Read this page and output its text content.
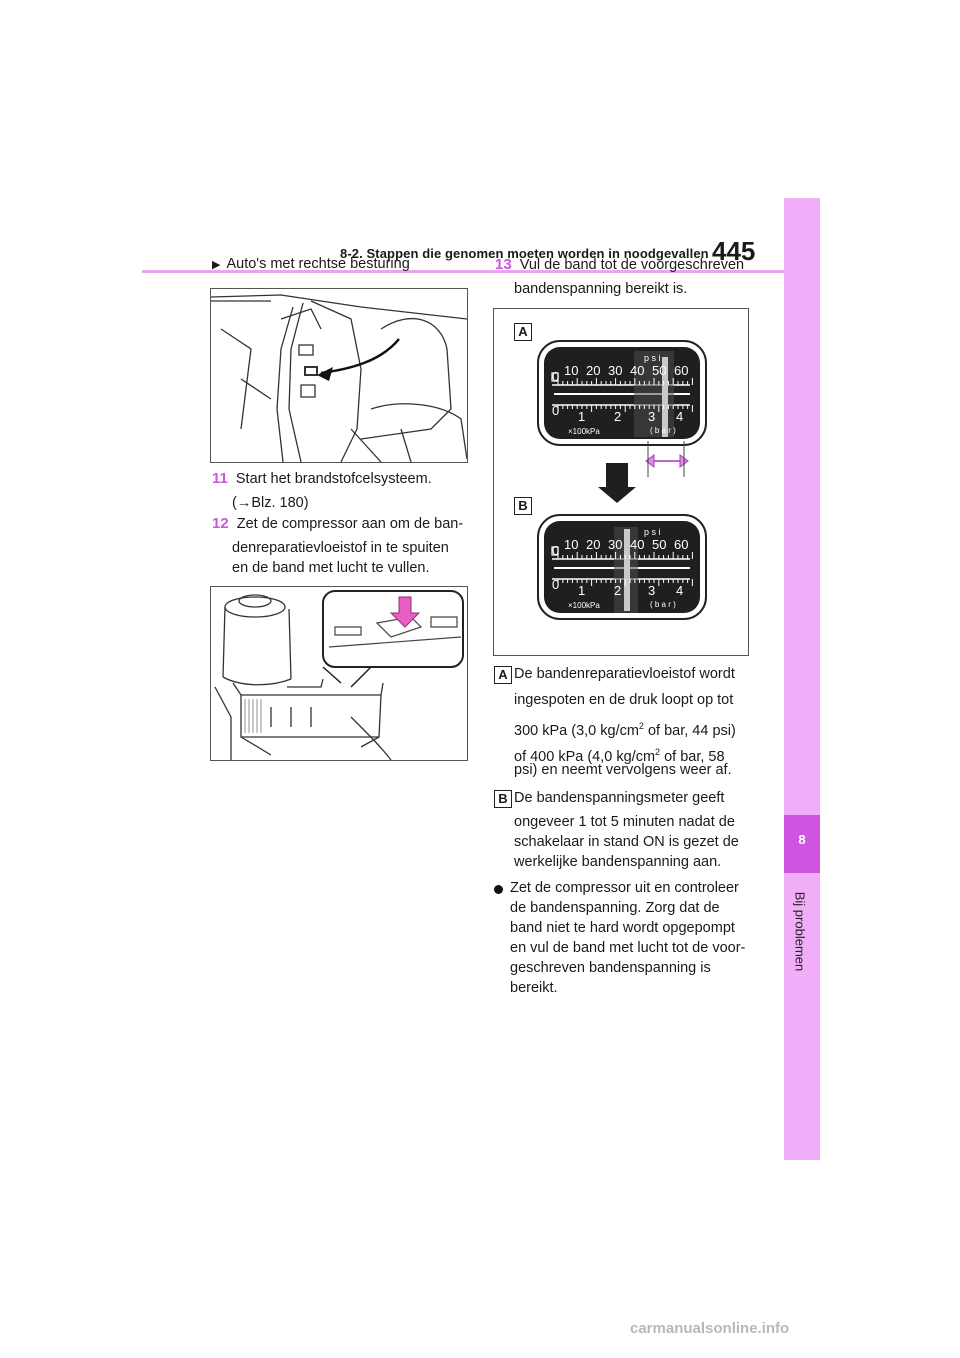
8-2. Stappen die genomen moeten worden in noodgevallen 445
8
Bij problemen
▶ Auto's met rechtse besturing
11 Start het brandstofcelsysteem.
(→Blz. 180)
12 Zet de compressor aan om de ban-
denreparatievloeistof in te spuiten
en de band met lucht te vullen.
13 Vul de band tot de voorgeschreven
bandenspanning bereikt is.
A
B
p s i
0 10 20 30 40 50 60
0 1 2 3 4
×100kPa	( b a r )
p s i
0 10 20 30 40 50 60
0 1 2 3 4
×100kPa	( b a r )
A De bandenreparatievloeistof wordt
ingespoten en de druk loopt op tot
300 kPa (3,0 $kg/cm^2$ of bar, 44 psi)
of 400 kPa (4,0 $kg/cm^2$ of bar, 58
psi) en neemt vervolgens weer af.
B De bandenspanningsmeter geeft
ongeveer 1 tot 5 minuten nadat de
schakelaar in stand ON is gezet de
werkelijke bandenspanning aan.
Zet de compressor uit en controleer
de bandenspanning. Zorg dat de
band niet te hard wordt opgepompt
en vul de band met lucht tot de voor-
geschreven bandenspanning is
bereikt.
carmanualsonline.info
